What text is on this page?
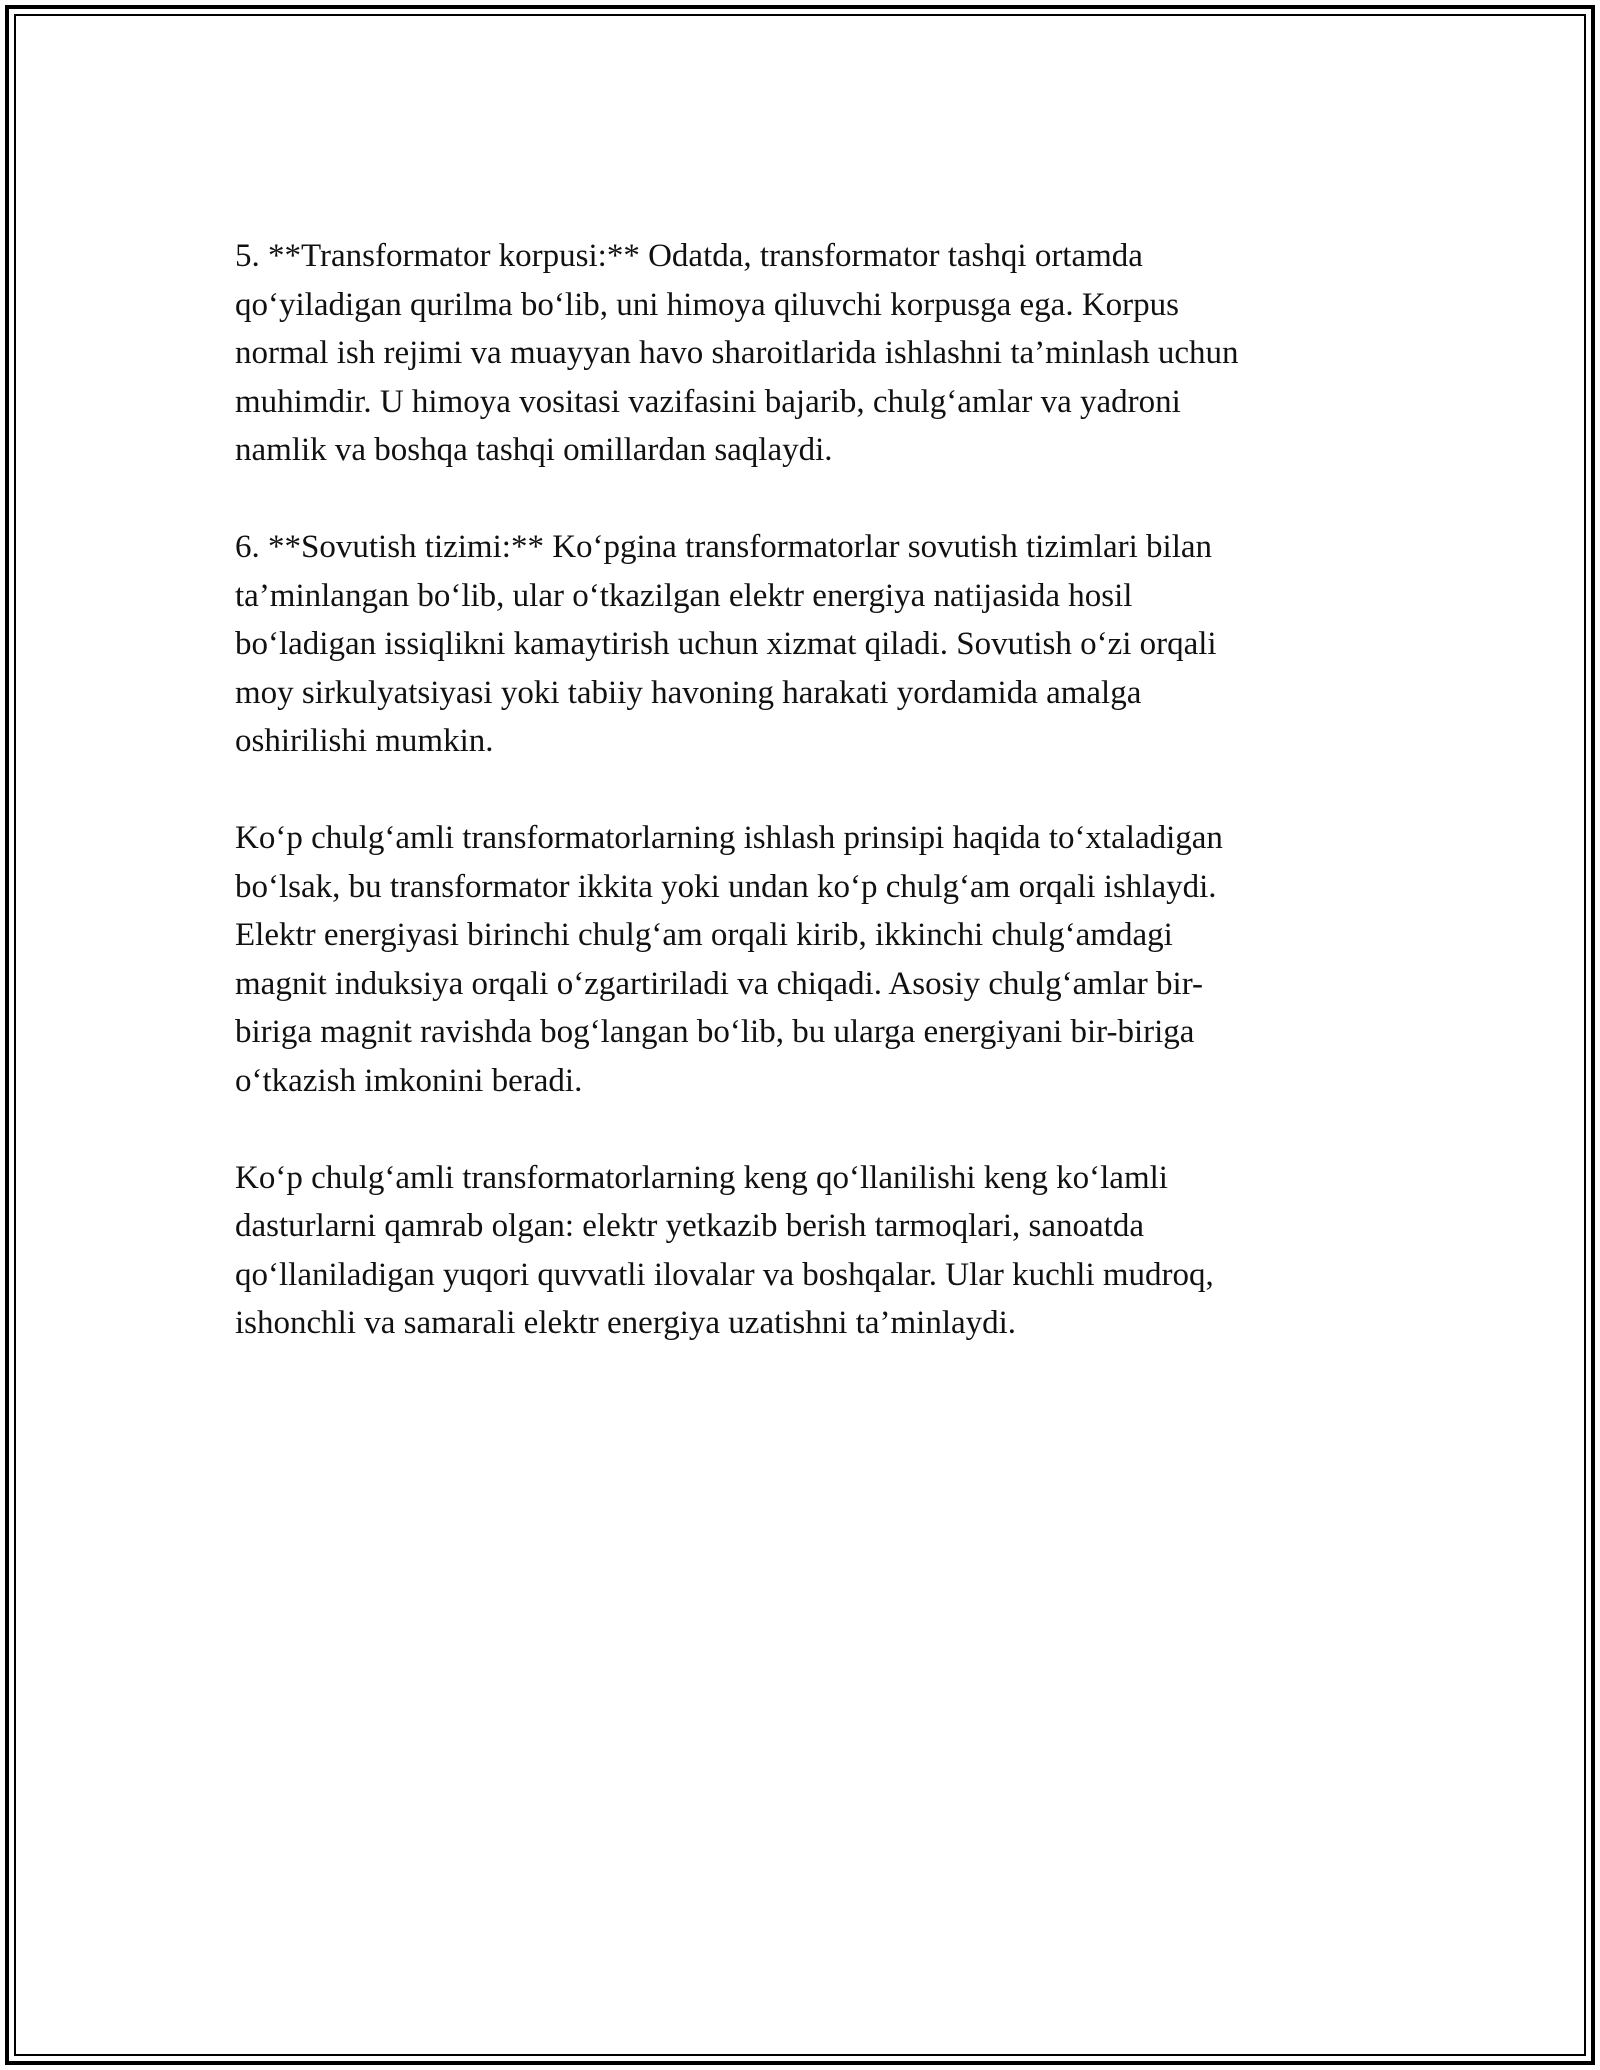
5. **Transformator korpusi:** Odatda, transformator tashqi ortamda
qo‘yiladigan qurilma bo‘lib, uni himoya qiluvchi korpusga ega. Korpus
normal ish rejimi va muayyan havo sharoitlarida ishlashni ta’minlash uchun
muhimdir. U himoya vositasi vazifasini bajarib, chulg‘amlar va yadroni
namlik va boshqa tashqi omillardan saqlaydi.

6. **Sovutish tizimi:** Ko‘pgina transformatorlar sovutish tizimlari bilan
ta’minlangan bo‘lib, ular o‘tkazilgan elektr energiya natijasida hosil
bo‘ladigan issiqlikni kamaytirish uchun xizmat qiladi. Sovutish o‘zi orqali
moy sirkulyatsiyasi yoki tabiiy havoning harakati yordamida amalga
oshirilishi mumkin.

Ko‘p chulg‘amli transformatorlarning ishlash prinsipi haqida to‘xtaladigan
bo‘lsak, bu transformator ikkita yoki undan ko‘p chulg‘am orqali ishlaydi.
Elektr energiyasi birinchi chulg‘am orqali kirib, ikkinchi chulg‘amdagi
magnit induksiya orqali o‘zgartiriladi va chiqadi. Asosiy chulg‘amlar bir-
biriga magnit ravishda bog‘langan bo‘lib, bu ularga energiyani bir-biriga
o‘tkazish imkonini beradi.

Ko‘p chulg‘amli transformatorlarning keng qo‘llanilishi keng ko‘lamli
dasturlarni qamrab olgan: elektr yetkazib berish tarmoqlari, sanoatda
qo‘llaniladigan yuqori quvvatli ilovalar va boshqalar. Ular kuchli mudroq,
ishonchli va samarali elektr energiya uzatishni ta’minlaydi.
